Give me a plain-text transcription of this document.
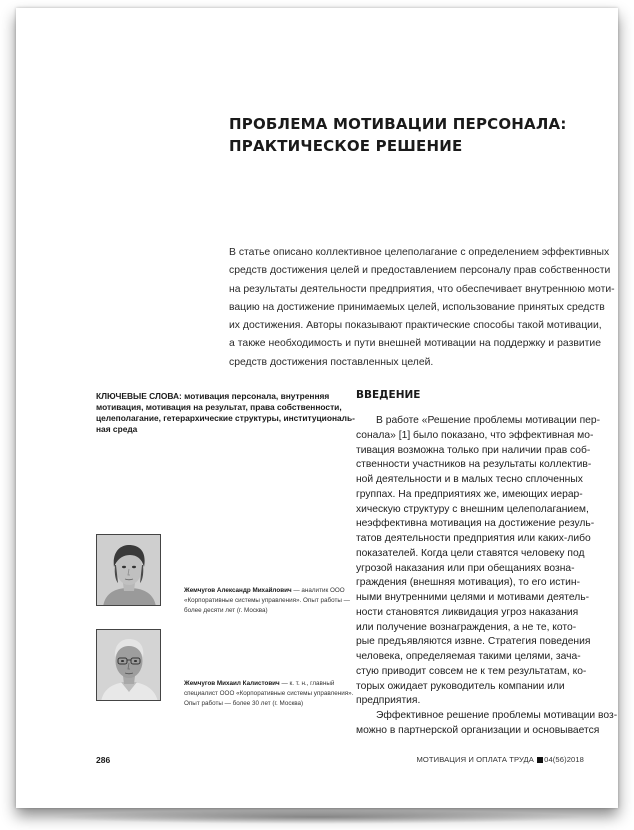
ПРОБЛЕМА МОТИВАЦИИ ПЕРСОНАЛА:
ПРАКТИЧЕСКОЕ РЕШЕНИЕ
В статье описано коллективное целеполагание с определением эффективных
средств достижения целей и предоставлением персоналу прав собственности
на результаты деятельности предприятия, что обеспечивает внутреннюю моти-
вацию на достижение принимаемых целей, использование принятых средств
их достижения. Авторы показывают практические способы такой мотивации,
а также необходимость и пути внешней мотивации на поддержку и развитие
средств достижения поставленных целей.
КЛЮЧЕВЫЕ СЛОВА: мотивация персонала, внутренняя
мотивация, мотивация на результат, права собственности,
целеполагание, гетерархические структуры, институциональ-
ная среда
ВВЕДЕНИЕ
В работе «Решение проблемы мотивации пер-
сонала» [1] было показано, что эффективная мо-
тивация возможна только при наличии прав соб-
ственности участников на результаты коллектив-
ной деятельности и в малых тесно сплоченных
группах. На предприятиях же, имеющих иерар-
хическую структуру с внешним целеполаганием,
неэффективна мотивация на достижение резуль-
татов деятельности предприятия или каких-либо
показателей. Когда цели ставятся человеку под
угрозой наказания или при обещаниях возна-
граждения (внешняя мотивация), то его истин-
ными внутренними целями и мотивами деятель-
ности становятся ликвидация угроз наказания
или получение вознаграждения, а не те, кото-
рые предъявляются извне. Стратегия поведения
человека, определяемая такими целями, зача-
стую приводит совсем не к тем результатам, ко-
торых ожидает руководитель компании или
предприятия.
Эффективное решение проблемы мотивации воз-
можно в партнерской организации и основывается
Жемчугов Александр Михайлович — аналитик ООО
«Корпоративные системы управления». Опыт работы —
более десяти лет (г. Москва)
Жемчугов Михаил Калистович — к. т. н., главный
специалист ООО «Корпоративные системы управления».
Опыт работы — более 30 лет (г. Москва)
286	МОТИВАЦИЯ И ОПЛАТА ТРУДА 04(56)2018
